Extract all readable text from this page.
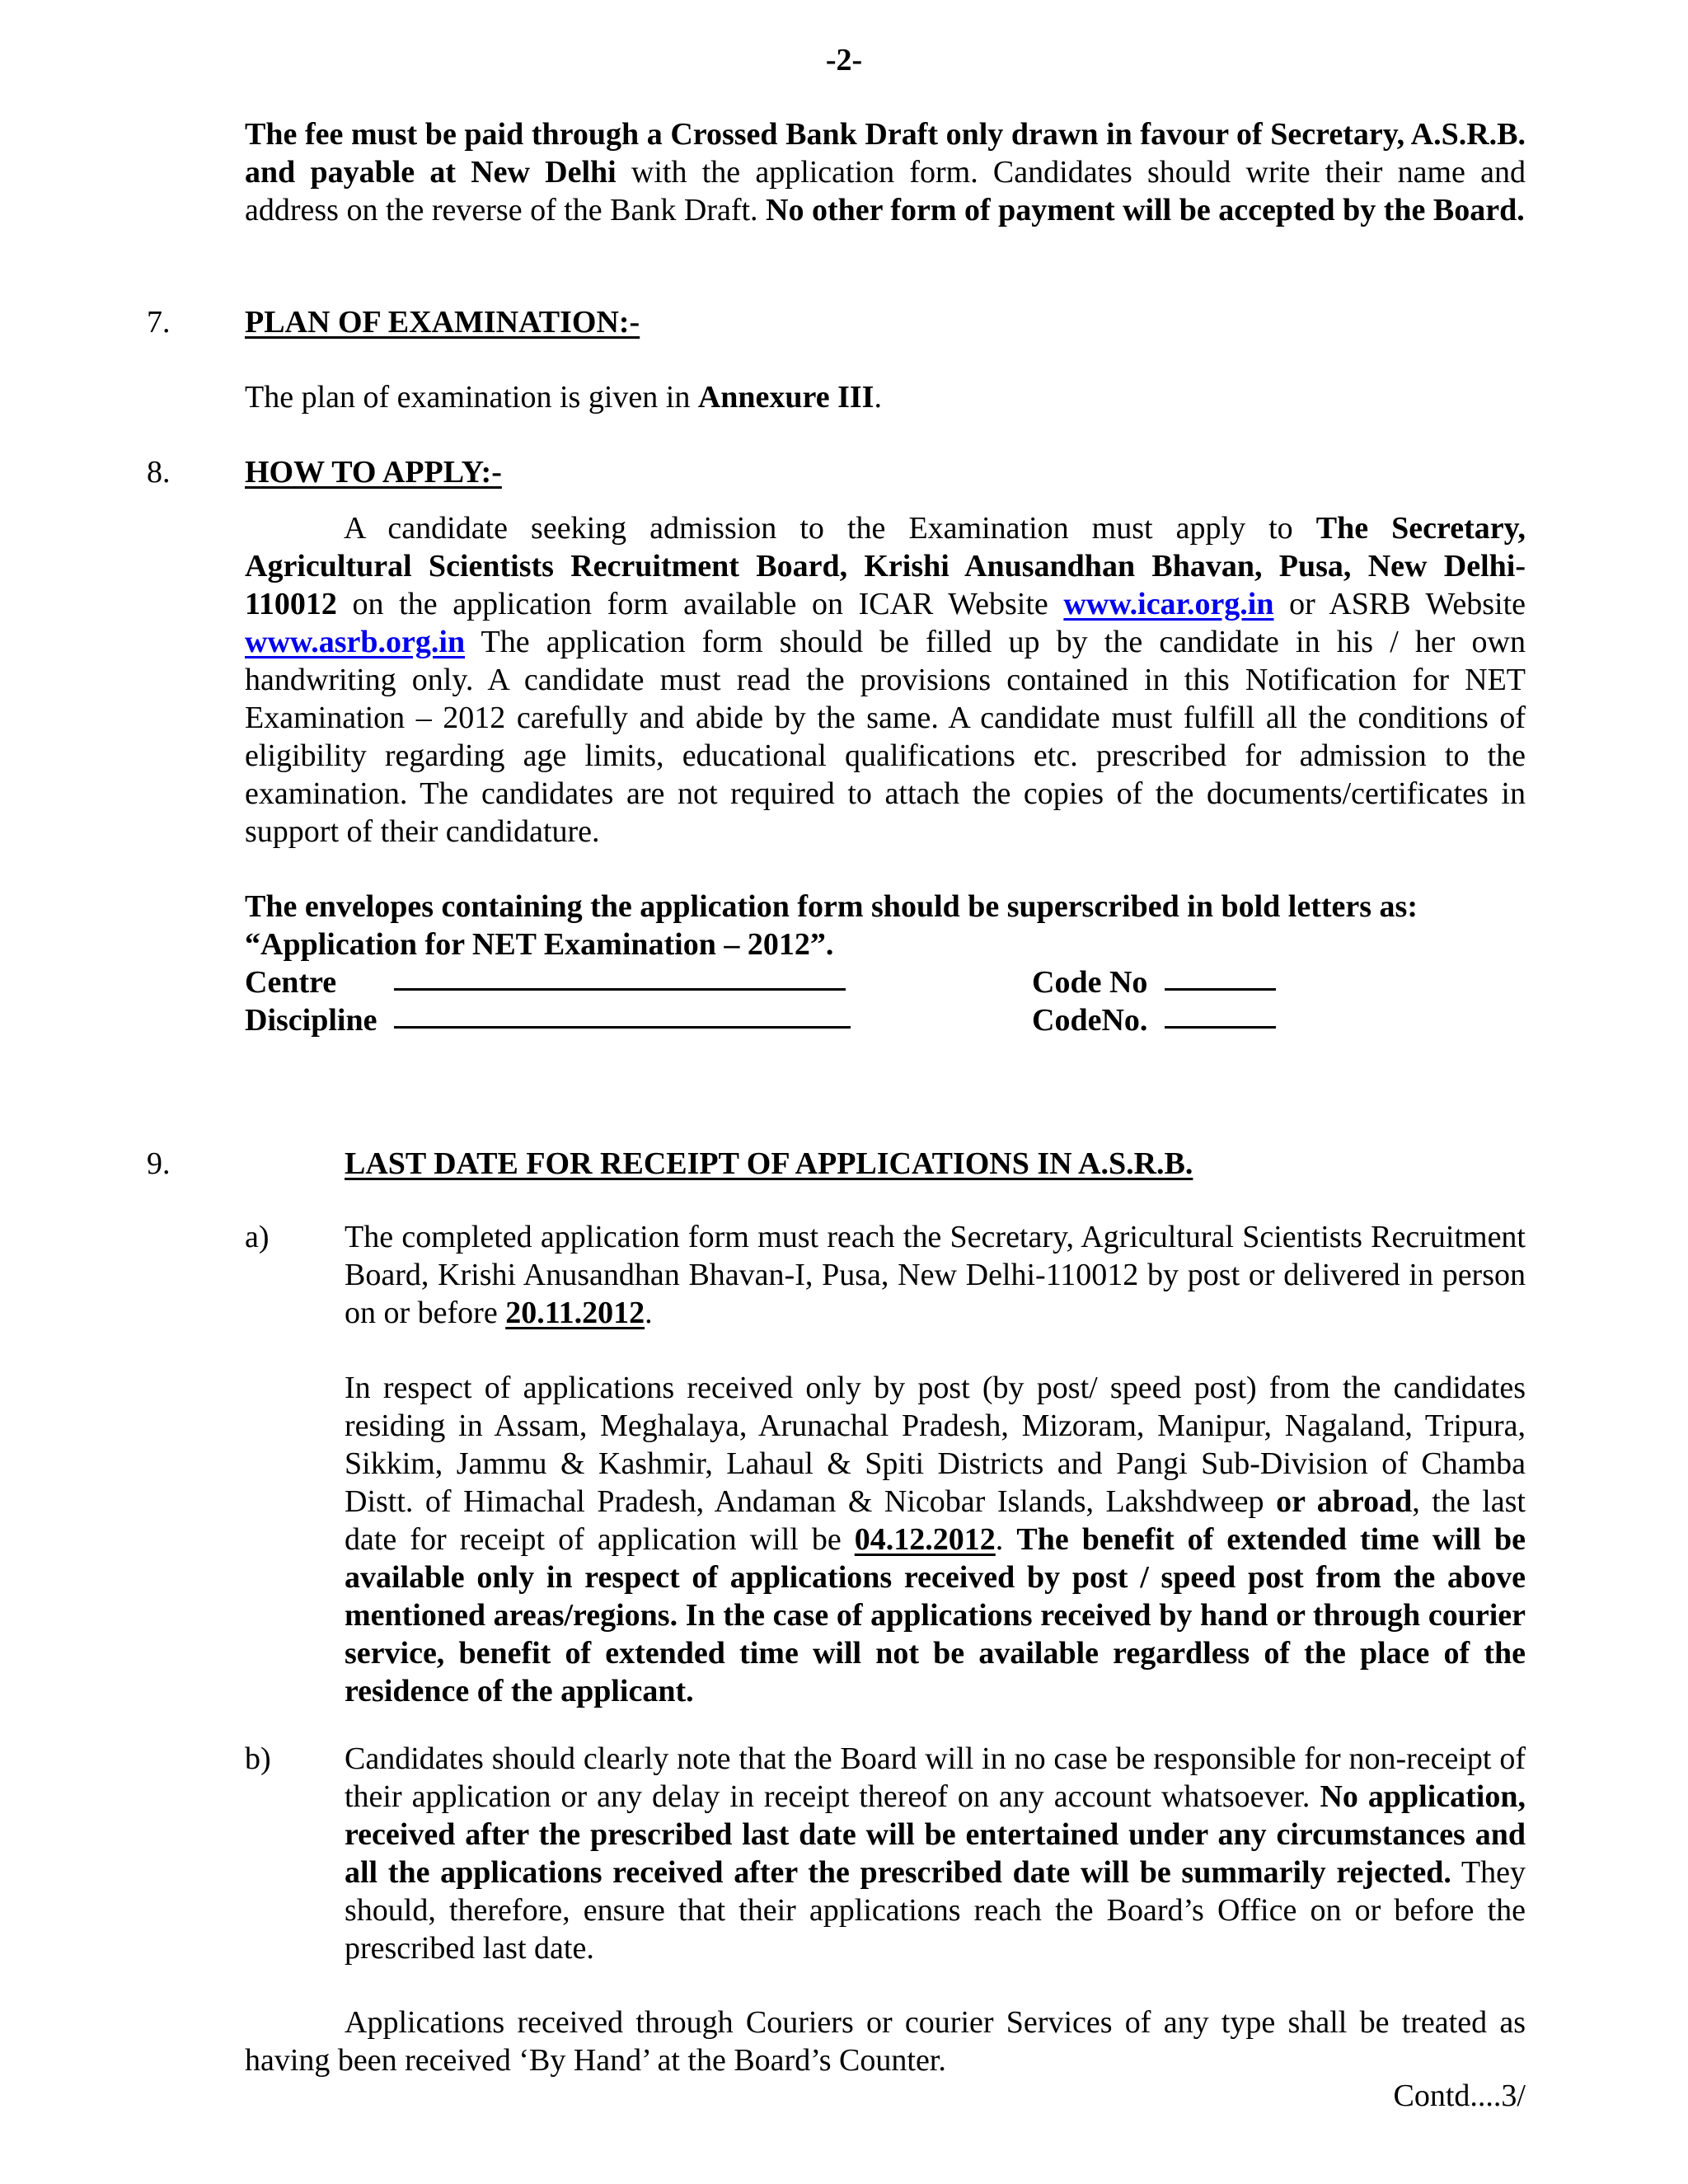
-2-
The fee must be paid through a Crossed Bank Draft only drawn in favour of Secretary, A.S.R.B. and payable at New Delhi with the application form. Candidates should write their name and address on the reverse of the Bank Draft. No other form of payment will be accepted by the Board.
7. PLAN OF EXAMINATION:-
The plan of examination is given in Annexure III.
8. HOW TO APPLY:-
A candidate seeking admission to the Examination must apply to The Secretary, Agricultural Scientists Recruitment Board, Krishi Anusandhan Bhavan, Pusa, New Delhi-110012 on the application form available on ICAR Website www.icar.org.in or ASRB Website www.asrb.org.in The application form should be filled up by the candidate in his / her own handwriting only. A candidate must read the provisions contained in this Notification for NET Examination – 2012 carefully and abide by the same. A candidate must fulfill all the conditions of eligibility regarding age limits, educational qualifications etc. prescribed for admission to the examination. The candidates are not required to attach the copies of the documents/certificates in support of their candidature.
The envelopes containing the application form should be superscribed in bold letters as:
“Application for NET Examination – 2012”.
Centre	Code No
Discipline	CodeNo.
9.	LAST DATE FOR RECEIPT OF APPLICATIONS IN A.S.R.B.
a) The completed application form must reach the Secretary, Agricultural Scientists Recruitment Board, Krishi Anusandhan Bhavan-I, Pusa, New Delhi-110012 by post or delivered in person on or before 20.11.2012.
In respect of applications received only by post (by post/ speed post) from the candidates residing in Assam, Meghalaya, Arunachal Pradesh, Mizoram, Manipur, Nagaland, Tripura, Sikkim, Jammu & Kashmir, Lahaul & Spiti Districts and Pangi Sub-Division of Chamba Distt. of Himachal Pradesh, Andaman & Nicobar Islands, Lakshdweep or abroad, the last date for receipt of application will be 04.12.2012. The benefit of extended time will be available only in respect of applications received by post / speed post from the above mentioned areas/regions. In the case of applications received by hand or through courier service, benefit of extended time will not be available regardless of the place of the residence of the applicant.
b) Candidates should clearly note that the Board will in no case be responsible for non-receipt of their application or any delay in receipt thereof on any account whatsoever. No application, received after the prescribed last date will be entertained under any circumstances and all the applications received after the prescribed date will be summarily rejected. They should, therefore, ensure that their applications reach the Board’s Office on or before the prescribed last date.
Applications received through Couriers or courier Services of any type shall be treated as having been received ‘By Hand’ at the Board’s Counter.
Contd....3/
